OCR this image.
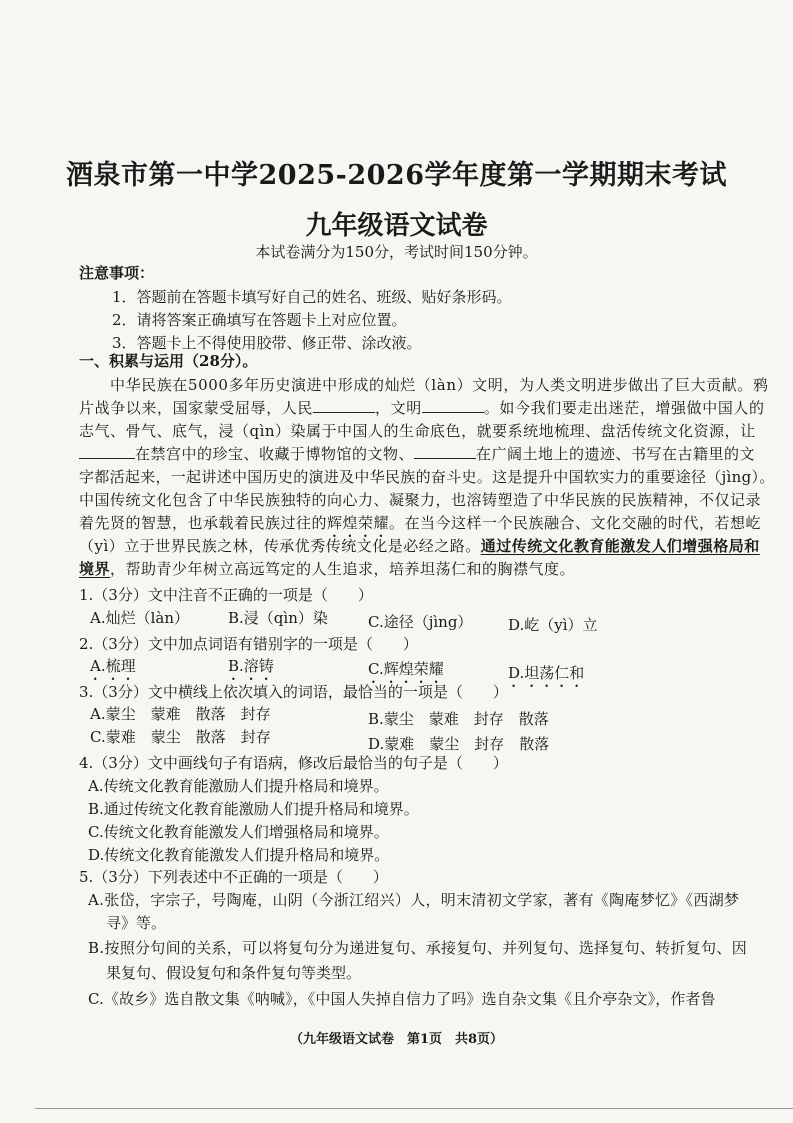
酒泉市第一中学2025-2026学年度第一学期期末考试
九年级语文试卷
本试卷满分为150分，考试时间150分钟。
注意事项：
1．答题前在答题卡填写好自己的姓名、班级、贴好条形码。
2．请将答案正确填写在答题卡上对应位置。
3．答题卡上不得使用胶带、修正带、涂改液。
一、积累与运用（28分）。
中华民族在5000多年历史演进中形成的灿烂（làn）文明，为人类文明进步做出了巨大贡献。鸦
片战争以来，国家蒙受屈辱，人民	，文明	。如今我们要走出迷茫，增强做中国人的
志气、骨气、底气，浸（qìn）染属于中国人的生命底色，就要系统地梳理、盘活传统文化资源，让
在禁宫中的珍宝、收藏于博物馆的文物、	在广阔土地上的遗迹、书写在古籍里的文
字都活起来，一起讲述中国历史的演进及中华民族的奋斗史。这是提升中国软实力的重要途径（jìng）。
中国传统文化包含了中华民族独特的向心力、凝聚力，也溶铸塑造了中华民族的民族精神，不仅记录
着先贤的智慧，也承载着民族过往的辉煌荣耀。在当今这样一个民族融合、文化交融的时代，若想屹
（yì）立于世界民族之林，传承优秀传统文化是必经之路。通过传统文化教育能激发人们增强格局和
境界，帮助青少年树立高远笃定的人生追求，培养坦荡仁和的胸襟气度。
1.（3分）文中注音不正确的一项是（　　）
A.灿烂（làn）	B.浸（qìn）染	C.途径（jìng） D.屹（yì）立
2.（3分）文中加点词语有错别字的一项是（　　）
A.梳理	B.溶铸	C.辉煌荣耀	D.坦荡仁和
3.（3分）文中横线上依次填入的词语，最恰当的一项是（　　）
A.蒙尘　蒙难　散落　封存	B.蒙尘　蒙难　封存　散落
C.蒙难　蒙尘　散落　封存	D.蒙难　蒙尘　封存　散落
4.（3分）文中画线句子有语病，修改后最恰当的句子是（　　）
A.传统文化教育能激励人们提升格局和境界。
B.通过传统文化教育能激励人们提升格局和境界。
C.传统文化教育能激发人们增强格局和境界。
D.传统文化教育能激发人们提升格局和境界。
5.（3分）下列表述中不正确的一项是（　　）
A.张岱，字宗子，号陶庵，山阴（今浙江绍兴）人，明末清初文学家，著有《陶庵梦忆》《西湖梦
寻》等。
B.按照分句间的关系，可以将复句分为递进复句、承接复句、并列复句、选择复句、转折复句、因
果复句、假设复句和条件复句等类型。
C.《故乡》选自散文集《呐喊》，《中国人失掉自信力了吗》选自杂文集《且介亭杂文》，作者鲁
（九年级语文试卷　第1页　共8页）
